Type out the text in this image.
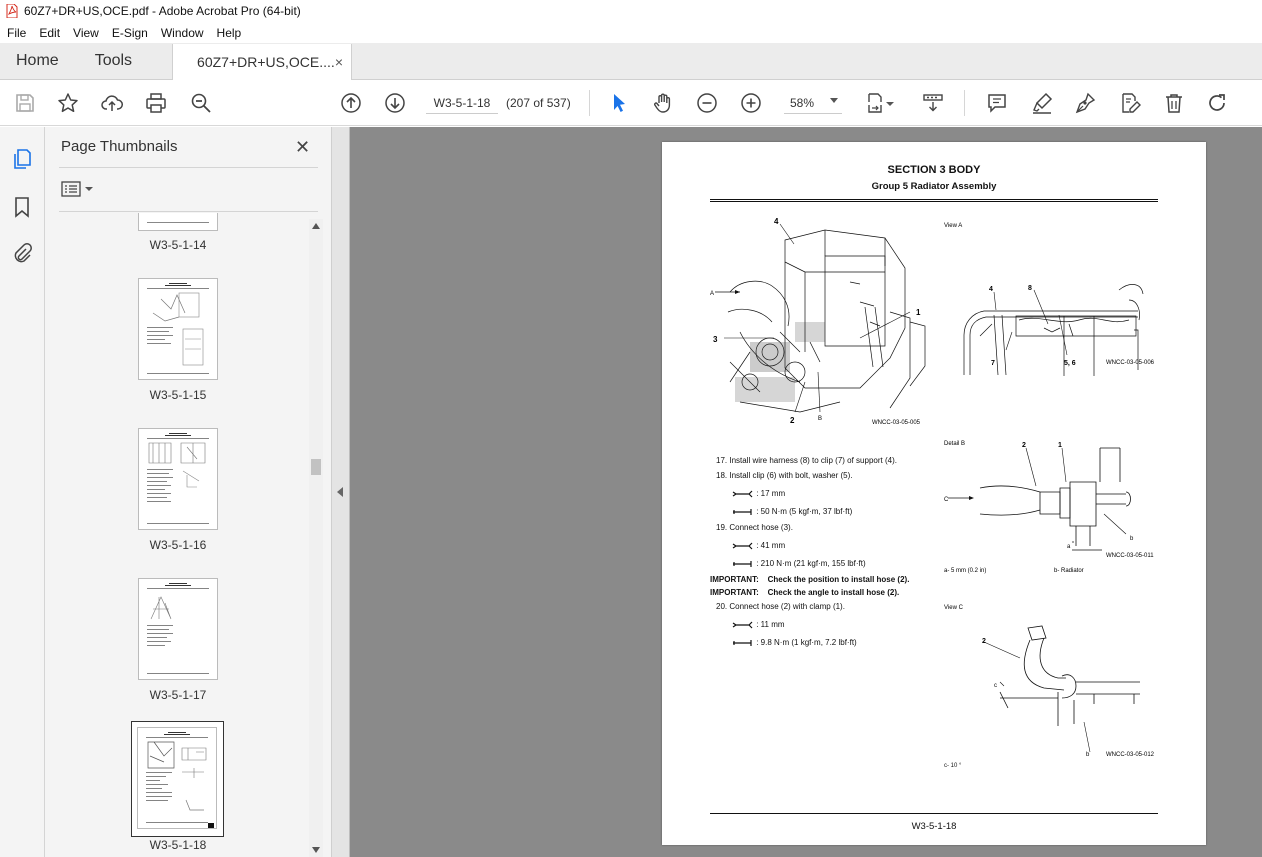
60Z7+DR+US,OCE.pdf - Adobe Acrobat Pro (64-bit)
File	Edit	View	E-Sign	Window	Help
Home	Tools	60Z7+DR+US,OCE.... ×
W3-5-1-18
(207 of 537)	58%
Page Thumbnails	✕
W3-5-1-14
W3-5-1-15
W3-5-1-16
W3-5-1-17
W3-5-1-18
SECTION 3 BODY
Group 5 Radiator Assembly
4
A
1
3
2	B
WNCC-03-05-005
View A
4	8
7	5, 6	WNCC-03-05-006
Detail B	2	1
C
b
a
WNCC-03-05-011
a- 5 mm (0.2 in)	b- Radiator
View C
2
c
b	WNCC-03-05-012
c- 10 °
17. Install wire harness (8) to clip (7) of support (4).
18. Install clip (6) with bolt, washer (5).
: 17 mm
: 50 N·m (5 kgf·m, 37 lbf·ft)
19. Connect hose (3).
: 41 mm
: 210 N·m (21 kgf·m, 155 lbf·ft)
IMPORTANT: Check the position to install hose (2).
IMPORTANT: Check the angle to install hose (2).
20. Connect hose (2) with clamp (1).
: 11 mm
: 9.8 N·m (1 kgf·m, 7.2 lbf·ft)
W3-5-1-18
